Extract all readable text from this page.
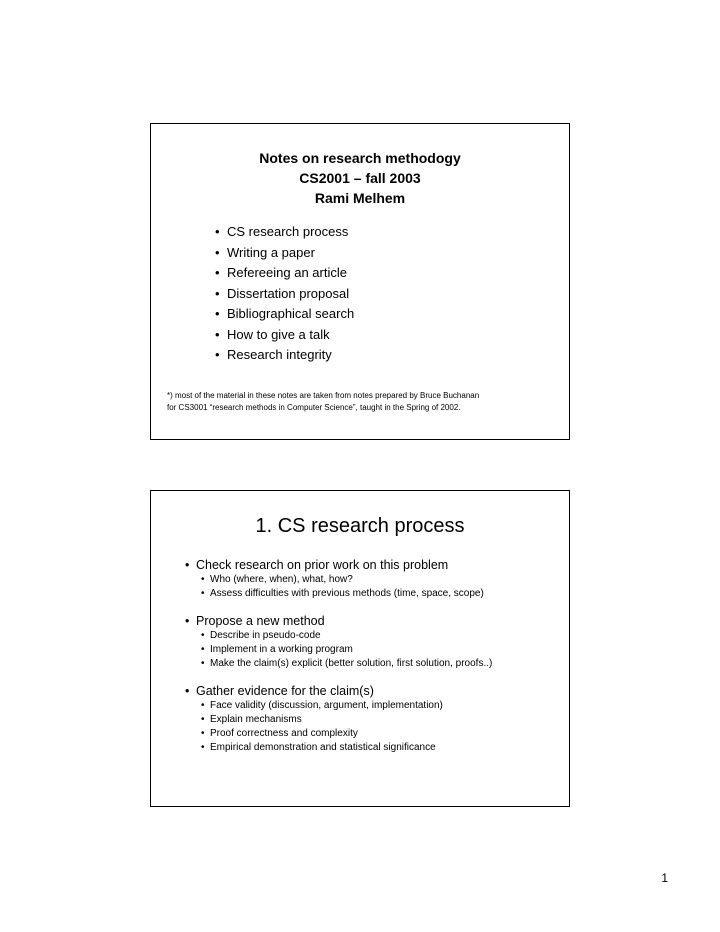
Notes on research methodogy
CS2001 – fall 2003
Rami Melhem
• CS research process
• Writing a paper
• Refereeing an article
• Dissertation proposal
• Bibliographical search
• How to give a talk
• Research integrity
*) most of the material in these notes are taken from notes prepared by Bruce Buchanan
for CS3001 “research methods in Computer Science”, taught in the Spring of 2002.
1. CS research process
• Check research on prior work on this problem
• Who (where, when), what, how?
• Assess difficulties with previous methods (time, space, scope)
• Propose a new method
• Describe in pseudo-code
• Implement in a working program
• Make the claim(s) explicit (better solution, first solution, proofs..)
• Gather evidence for the claim(s)
• Face validity (discussion, argument, implementation)
• Explain mechanisms
• Proof correctness and complexity
• Empirical demonstration and statistical significance
1
